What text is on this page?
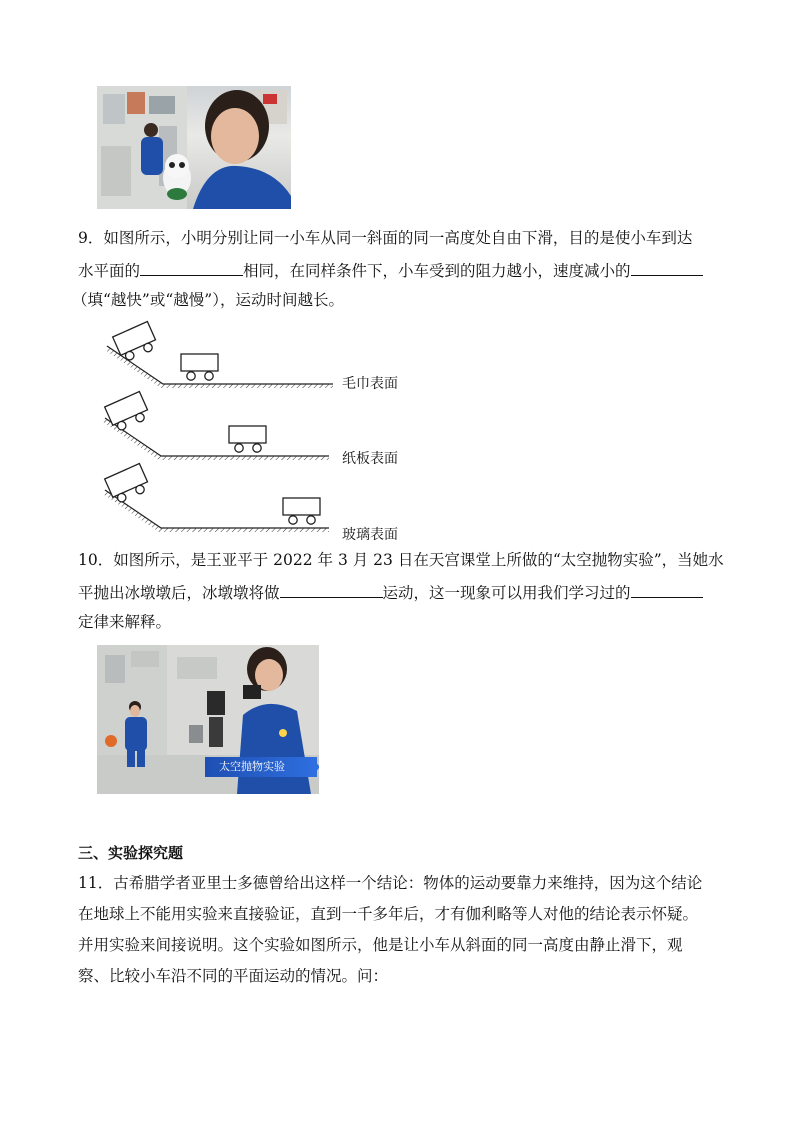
9．如图所示，小明分别让同一小车从同一斜面的同一高度处自由下滑，目的是使小车到达
水平面的	相同，在同样条件下，小车受到的阻力越小，速度减小的
（填“越快”或“越慢”），运动时间越长。
毛巾表面
纸板表面
玻璃表面
10．如图所示，是王亚平于 2022 年 3 月 23 日在天宫课堂上所做的“太空抛物实验”，当她水
平抛出冰墩墩后，冰墩墩将做	运动，这一现象可以用我们学习过的
定律来解释。
太空抛物实验
三、实验探究题
11．古希腊学者亚里士多德曾给出这样一个结论：物体的运动要靠力来维持，因为这个结论
在地球上不能用实验来直接验证，直到一千多年后，才有伽利略等人对他的结论表示怀疑。
并用实验来间接说明。这个实验如图所示，他是让小车从斜面的同一高度由静止滑下，观
察、比较小车沿不同的平面运动的情况。问：
